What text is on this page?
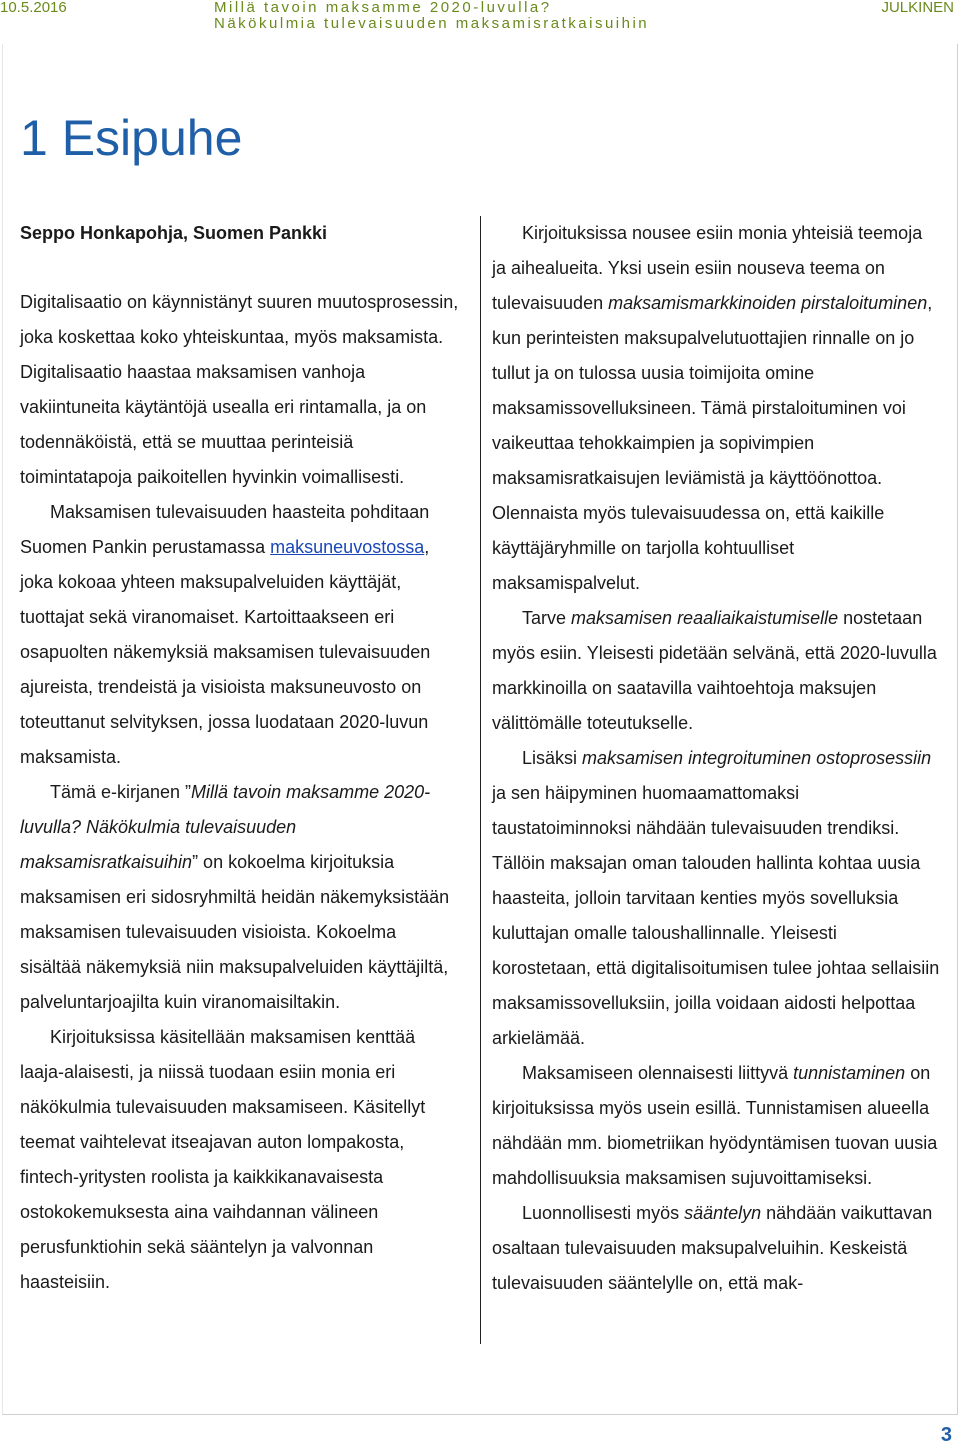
10.5.2016	Millä tavoin maksamme 2020-luvulla?
Näkökulmia tulevaisuuden maksamisratkaisuihin
JULKINEN
1 Esipuhe

Seppo Honkapohja, Suomen Pankki

Digitalisaatio on käynnistänyt suuren muutosprosessin, joka koskettaa koko yhteiskuntaa, myös maksamista. Digitalisaatio haastaa maksamisen vanhoja vakiintuneita käytäntöjä usealla eri rintamalla, ja on todennäköistä, että se muuttaa perinteisiä toimintatapoja paikoitellen hyvinkin voimallisesti.

Maksamisen tulevaisuuden haasteita pohditaan Suomen Pankin perustamassa maksuneuvostossa, joka kokoaa yhteen maksupalveluiden käyttäjät, tuottajat sekä viranomaiset. Kartoittaakseen eri osapuolten näkemyksiä maksamisen tulevaisuuden ajureista, trendeistä ja visioista maksuneuvosto on toteuttanut selvityksen, jossa luodataan 2020-luvun maksamista.

Tämä e-kirjanen ”Millä tavoin maksamme 2020-luvulla? Näkökulmia tulevaisuuden maksamisratkaisuihin” on kokoelma kirjoituksia maksamisen eri sidosryhmiltä heidän näkemyksistään maksamisen tulevaisuuden visioista. Kokoelma sisältää näkemyksiä niin maksupalveluiden käyttäjiltä, palveluntarjoajilta kuin viranomaisiltakin.

Kirjoituksissa käsitellään maksamisen kenttää laaja-alaisesti, ja niissä tuodaan esiin monia eri näkökulmia tulevaisuuden maksamiseen. Käsitellyt teemat vaihtelevat itseajavan auton lompakosta, fintech-yritysten roolista ja kaikkikanavaisesta ostokokemuksesta aina vaihdannan välineen perusfunktiohin sekä sääntelyn ja valvonnan haasteisiin.

Kirjoituksissa nousee esiin monia yhteisiä teemoja ja aihealueita. Yksi usein esiin nouseva teema on tulevaisuuden maksamismarkkinoiden pirstaloituminen, kun perinteisten maksupalvelutuottajien rinnalle on jo tullut ja on tulossa uusia toimijoita omine maksamissovelluksineen. Tämä pirstaloituminen voi vaikeuttaa tehokkaimpien ja sopivimpien maksamisratkaisujen leviämistä ja käyttöönottoa. Olennaista myös tulevaisuudessa on, että kaikille käyttäjäryhmille on tarjolla kohtuulliset maksamispalvelut.

Tarve maksamisen reaaliaikaistumiselle nostetaan myös esiin. Yleisesti pidetään selvänä, että 2020-luvulla markkinoilla on saatavilla vaihtoehtoja maksujen välittömälle toteutukselle.

Lisäksi maksamisen integroituminen ostoprosessiin ja sen häipyminen huomaamattomaksi taustatoiminnoksi nähdään tulevaisuuden trendiksi. Tällöin maksajan oman talouden hallinta kohtaa uusia haasteita, jolloin tarvitaan kenties myös sovelluksia kuluttajan omalle taloushallinnalle. Yleisesti korostetaan, että digitalisoitumisen tulee johtaa sellaisiin maksamissovelluksiin, joilla voidaan aidosti helpottaa arkielämää.

Maksamiseen olennaisesti liittyvä tunnistaminen on kirjoituksissa myös usein esillä. Tunnistamisen alueella nähdään mm. biometriikan hyödyntämisen tuovan uusia mahdollisuuksia maksamisen sujuvoittamiseksi.

Luonnollisesti myös sääntelyn nähdään vaikuttavan osaltaan tulevaisuuden maksupalveluihin. Keskeistä tulevaisuuden sääntelylle on, että mak-

3
